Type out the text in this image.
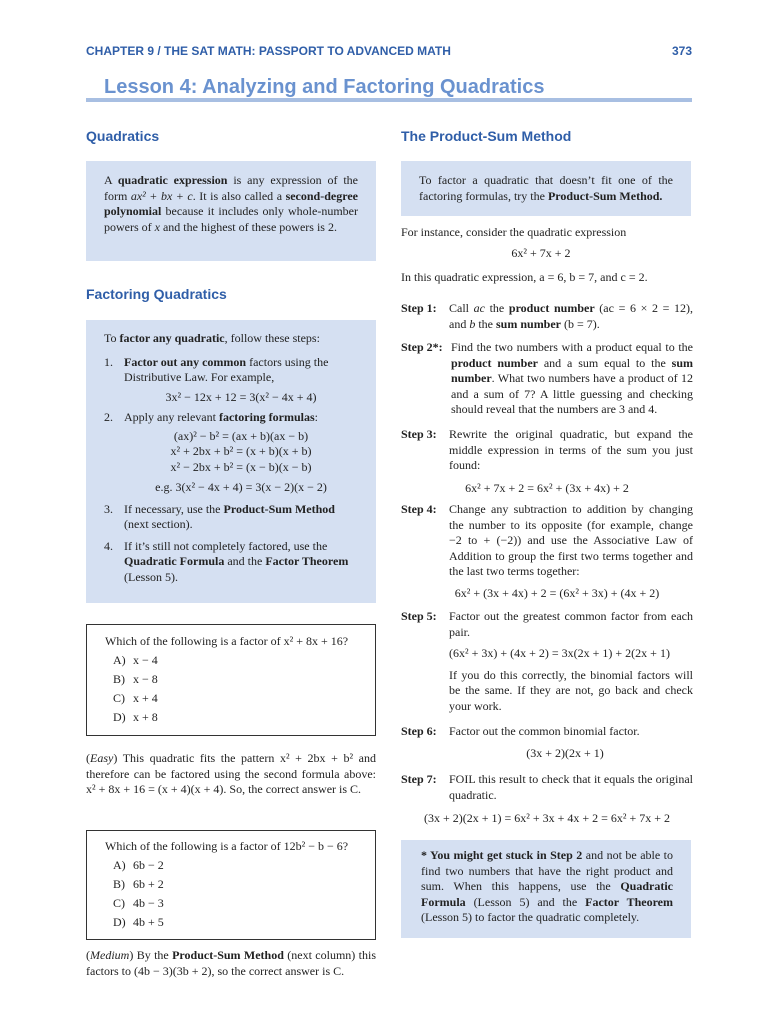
CHAPTER 9 / THE SAT MATH: PASSPORT TO ADVANCED MATH	373
Lesson 4: Analyzing and Factoring Quadratics
Quadratics
A quadratic expression is any expression of the form ax² + bx + c. It is also called a second-degree polynomial because it includes only whole-number powers of x and the highest of these powers is 2.
Factoring Quadratics
To factor any quadratic, follow these steps:
1. Factor out any common factors using the Distributive Law. For example,
3x² − 12x + 12 = 3(x² − 4x + 4)
2. Apply any relevant factoring formulas:
(ax)² − b² = (ax + b)(ax − b)
x² + 2bx + b² = (x + b)(x + b)
x² − 2bx + b² = (x − b)(x − b)
e.g. 3(x² − 4x + 4) = 3(x − 2)(x − 2)
3. If necessary, use the Product-Sum Method (next section).
4. If it’s still not completely factored, use the Quadratic Formula and the Factor Theorem (Lesson 5).
Which of the following is a factor of x² + 8x + 16?
A) x − 4
B) x − 8
C) x + 4
D) x + 8
(Easy) This quadratic fits the pattern x² + 2bx + b² and therefore can be factored using the second formula above: x² + 8x + 16 = (x + 4)(x + 4). So, the correct answer is C.
Which of the following is a factor of 12b² − b − 6?
A) 6b − 2
B) 6b + 2
C) 4b − 3
D) 4b + 5
(Medium) By the Product-Sum Method (next column) this factors to (4b − 3)(3b + 2), so the correct answer is C.
The Product-Sum Method
To factor a quadratic that doesn’t fit one of the factoring formulas, try the Product-Sum Method.
For instance, consider the quadratic expression
6x² + 7x + 2
In this quadratic expression, a = 6, b = 7, and c = 2.
Step 1: Call ac the product number (ac = 6 × 2 = 12), and b the sum number (b = 7).
Step 2*: Find the two numbers with a product equal to the product number and a sum equal to the sum number. What two numbers have a product of 12 and a sum of 7? A little guessing and checking should reveal that the numbers are 3 and 4.
Step 3: Rewrite the original quadratic, but expand the middle expression in terms of the sum you just found:
6x² + 7x + 2 = 6x² + (3x + 4x) + 2
Step 4: Change any subtraction to addition by changing the number to its opposite (for example, change −2 to + (−2)) and use the Associative Law of Addition to group the first two terms together and the last two terms together:
6x² + (3x + 4x) + 2 = (6x² + 3x) + (4x + 2)
Step 5: Factor out the greatest common factor from each pair.
(6x² + 3x) + (4x + 2) = 3x(2x + 1) + 2(2x + 1)
If you do this correctly, the binomial factors will be the same. If they are not, go back and check your work.
Step 6: Factor out the common binomial factor.
(3x + 2)(2x + 1)
Step 7: FOIL this result to check that it equals the original quadratic.
(3x + 2)(2x + 1) = 6x² + 3x + 4x + 2 = 6x² + 7x + 2
* You might get stuck in Step 2 and not be able to find two numbers that have the right product and sum. When this happens, use the Quadratic Formula (Lesson 5) and the Factor Theorem (Lesson 5) to factor the quadratic completely.
